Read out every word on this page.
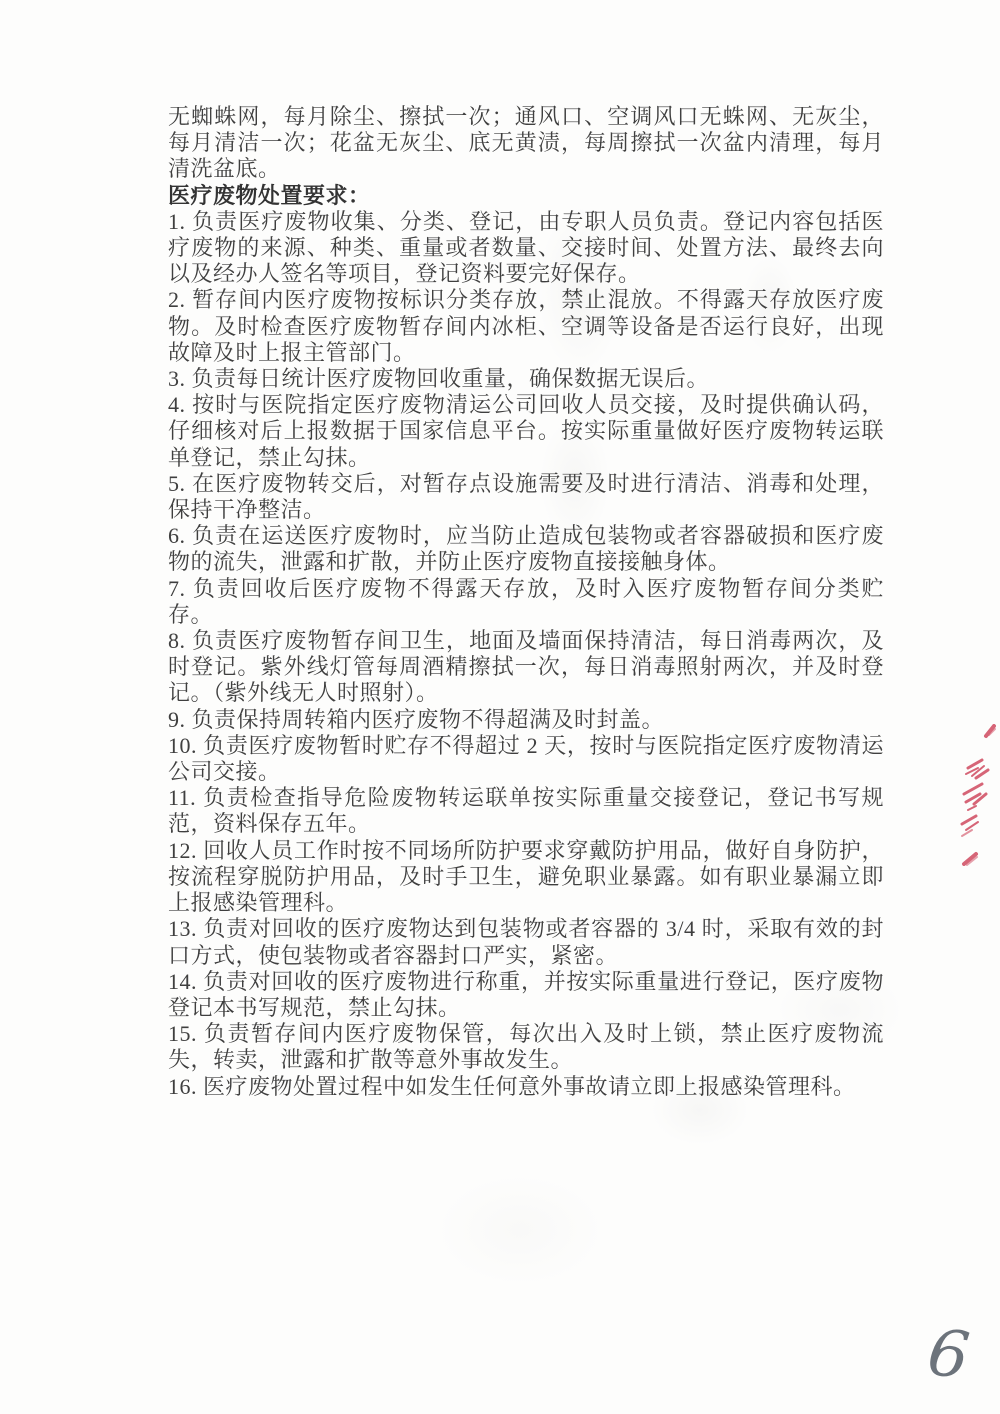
无蜘蛛网，每月除尘、擦拭一次；通风口、空调风口无蛛网、无灰尘，每月清洁一次；花盆无灰尘、底无黄渍，每周擦拭一次盆内清理，每月清洗盆底。

医疗废物处置要求：

1. 负责医疗废物收集、分类、登记，由专职人员负责。登记内容包括医疗废物的来源、种类、重量或者数量、交接时间、处置方法、最终去向以及经办人签名等项目，登记资料要完好保存。

2. 暂存间内医疗废物按标识分类存放，禁止混放。不得露天存放医疗废物。及时检查医疗废物暂存间内冰柜、空调等设备是否运行良好，出现故障及时上报主管部门。

3. 负责每日统计医疗废物回收重量，确保数据无误后。

4. 按时与医院指定医疗废物清运公司回收人员交接，及时提供确认码，仔细核对后上报数据于国家信息平台。按实际重量做好医疗废物转运联单登记，禁止勾抹。

5. 在医疗废物转交后，对暂存点设施需要及时进行清洁、消毒和处理，保持干净整洁。

6. 负责在运送医疗废物时，应当防止造成包装物或者容器破损和医疗废物的流失，泄露和扩散，并防止医疗废物直接接触身体。

7. 负责回收后医疗废物不得露天存放，及时入医疗废物暂存间分类贮存。

8. 负责医疗废物暂存间卫生，地面及墙面保持清洁，每日消毒两次，及时登记。紫外线灯管每周酒精擦拭一次，每日消毒照射两次，并及时登记。（紫外线无人时照射）。

9. 负责保持周转箱内医疗废物不得超满及时封盖。

10. 负责医疗废物暂时贮存不得超过 2 天，按时与医院指定医疗废物清运公司交接。

11. 负责检查指导危险废物转运联单按实际重量交接登记，登记书写规范，资料保存五年。

12. 回收人员工作时按不同场所防护要求穿戴防护用品，做好自身防护，按流程穿脱防护用品，及时手卫生，避免职业暴露。如有职业暴漏立即上报感染管理科。

13. 负责对回收的医疗废物达到包装物或者容器的 3/4 时，采取有效的封口方式，使包装物或者容器封口严实，紧密。

14. 负责对回收的医疗废物进行称重，并按实际重量进行登记，医疗废物登记本书写规范，禁止勾抹。

15. 负责暂存间内医疗废物保管，每次出入及时上锁，禁止医疗废物流失，转卖，泄露和扩散等意外事故发生。

16. 医疗废物处置过程中如发生任何意外事故请立即上报感染管理科。

6
